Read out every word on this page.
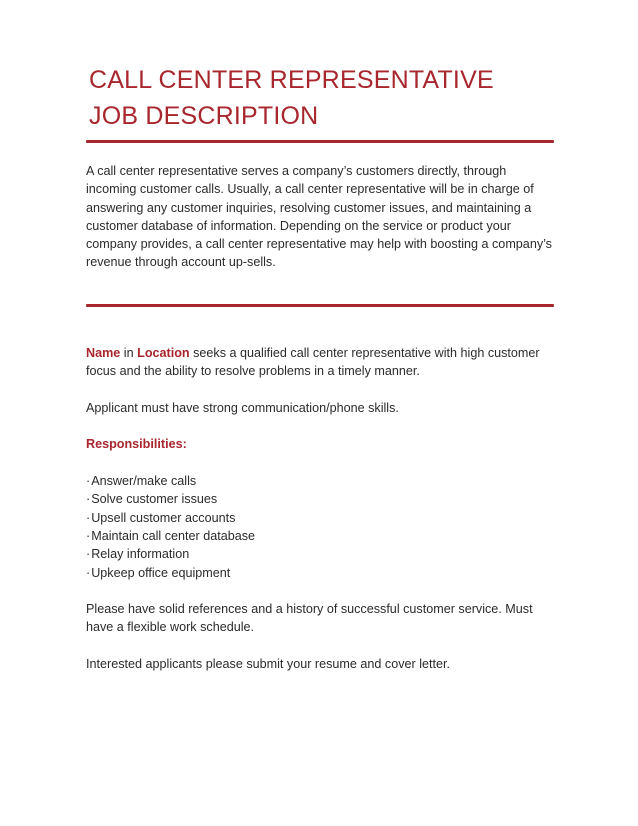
CALL CENTER REPRESENTATIVE
JOB DESCRIPTION

A call center representative serves a company’s customers directly, through incoming customer calls. Usually, a call center representative will be in charge of answering any customer inquiries, resolving customer issues, and maintaining a customer database of information. Depending on the service or product your company provides, a call center representative may help with boosting a company’s revenue through account up-sells.

Name in Location seeks a qualified call center representative with high customer focus and the ability to resolve problems in a timely manner.

Applicant must have strong communication/phone skills.

Responsibilities:

·Answer/make calls
·Solve customer issues
·Upsell customer accounts
·Maintain call center database
·Relay information
·Upkeep office equipment

Please have solid references and a history of successful customer service. Must have a flexible work schedule.

Interested applicants please submit your resume and cover letter.
